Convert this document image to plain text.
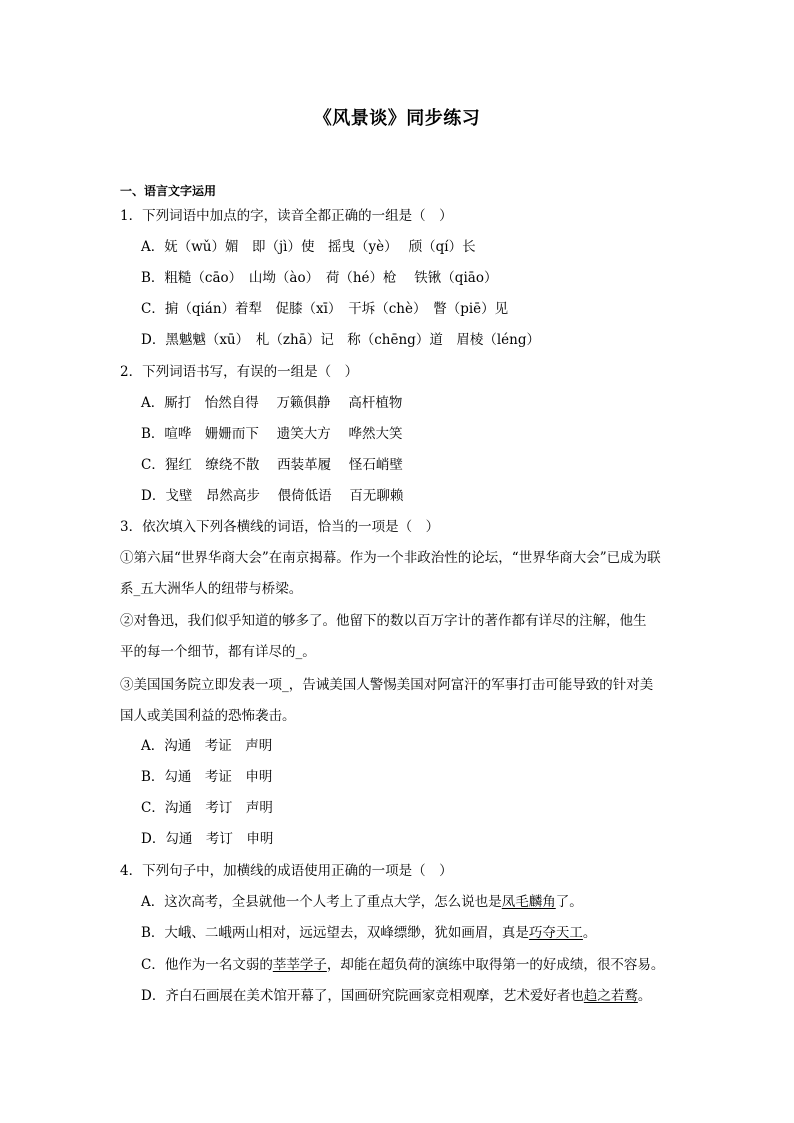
《风景谈》同步练习
一、语言文字运用
1．下列词语中加点的字，读音全都正确的一组是（　）
A．妩（wǔ）媚　即（jì）使　摇曳（yè）　 颀（qí）长
B．粗糙（cāo）　山坳（ào）　荷（hé）枪　 铁锹（qiāo）
C．掮（qián）着犁　促膝（xī）　干坼（chè）　瞥（piē）见
D．黑魆魆（xū）　札（zhā）记　称（chēng）道　眉棱（léng）
2．下列词语书写，有误的一组是（　）
A．厮打　怡然自得　 万籁俱静　 高杆植物
B．喧哗　姗姗而下　 遗笑大方　 哗然大笑
C．猩红　缭绕不散　 西装革履　 怪石峭壁
D．戈壁　昂然高步　 偎倚低语　 百无聊赖
3．依次填入下列各横线的词语，恰当的一项是（　）
①第六届“世界华商大会”在南京揭幕。作为一个非政治性的论坛，“世界华商大会”已成为联
系_五大洲华人的纽带与桥梁。
②对鲁迅，我们似乎知道的够多了。他留下的数以百万字计的著作都有详尽的注解，他生
平的每一个细节，都有详尽的_。
③美国国务院立即发表一项_，告诫美国人警惕美国对阿富汗的军事打击可能导致的针对美
国人或美国利益的恐怖袭击。
A．沟通　考证　声明
B．勾通　考证　申明
C．沟通　考订　声明
D．勾通　考订　申明
4．下列句子中，加横线的成语使用正确的一项是（　）
A．这次高考，全县就他一个人考上了重点大学，怎么说也是凤毛麟角了。
B．大峨、二峨两山相对，远远望去，双峰缥缈，犹如画眉，真是巧夺天工。
C．他作为一名文弱的莘莘学子，却能在超负荷的演练中取得第一的好成绩，很不容易。
D．齐白石画展在美术馆开幕了，国画研究院画家竞相观摩，艺术爱好者也趋之若鹜。
